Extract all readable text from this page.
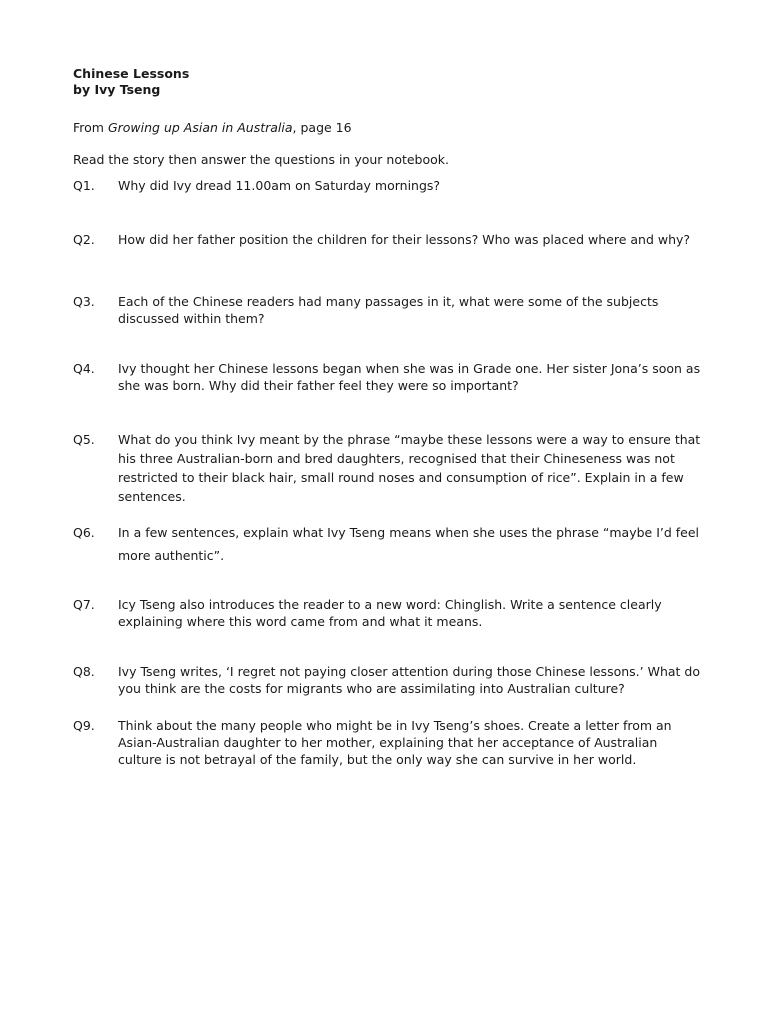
Chinese Lessons
by Ivy Tseng
From Growing up Asian in Australia, page 16
Read the story then answer the questions in your notebook.
Q1.	Why did Ivy dread 11.00am on Saturday mornings?
Q2.	How did her father position the children for their lessons? Who was placed where and why?
Q3.	Each of the Chinese readers had many passages in it, what were some of the subjects discussed within them?
Q4.	Ivy thought her Chinese lessons began when she was in Grade one. Her sister Jona’s soon as she was born. Why did their father feel they were so important?
Q5.	What do you think Ivy meant by the phrase “maybe these lessons were a way to ensure that his three Australian-born and bred daughters, recognised that their Chineseness was not restricted to their black hair, small round noses and consumption of rice”. Explain in a few sentences.
Q6.	In a few sentences, explain what Ivy Tseng means when she uses the phrase “maybe I’d feel more authentic”.
Q7.	Icy Tseng also introduces the reader to a new word: Chinglish. Write a sentence clearly explaining where this word came from and what it means.
Q8.	Ivy Tseng writes, ‘I regret not paying closer attention during those Chinese lessons.’ What do you think are the costs for migrants who are assimilating into Australian culture?
Q9.	Think about the many people who might be in Ivy Tseng’s shoes. Create a letter from an Asian-Australian daughter to her mother, explaining that her acceptance of Australian culture is not betrayal of the family, but the only way she can survive in her world.
